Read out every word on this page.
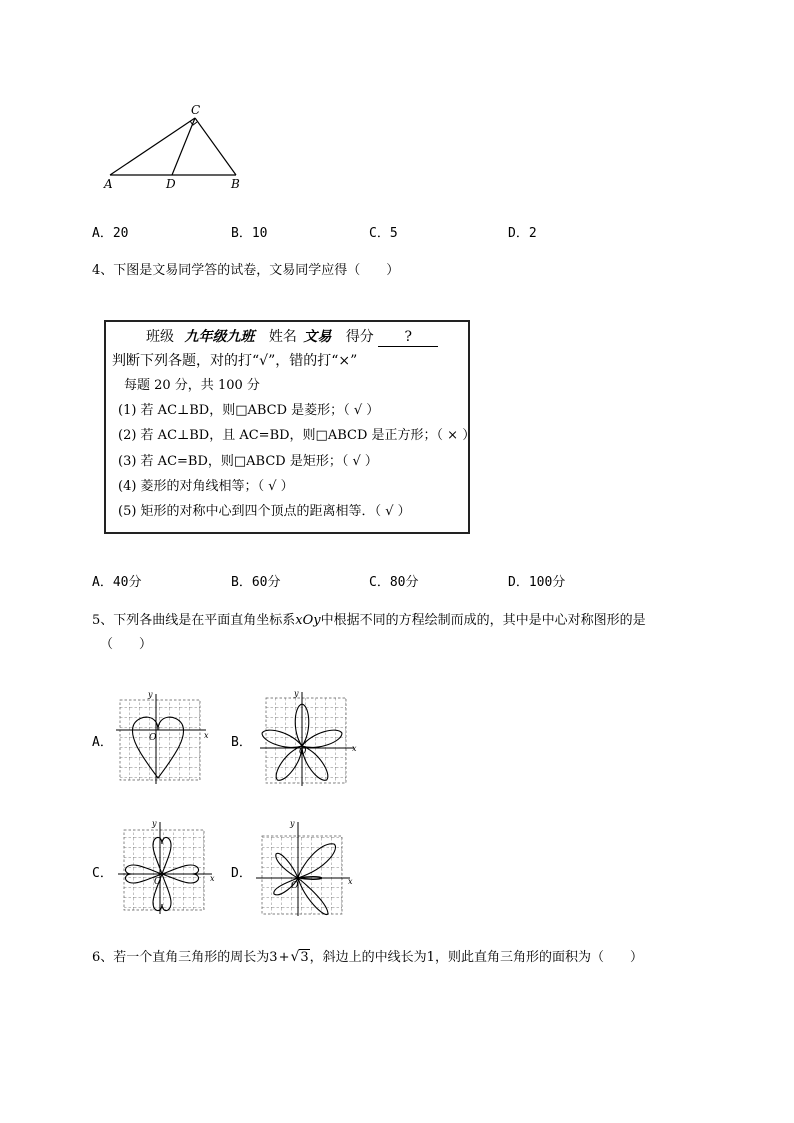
C
A	D	B
A．20	B．10	C．5	D．2
4、下图是文易同学答的试卷，文易同学应得（　　）
班级 九年级九班 姓名 文易 得分 ?
判断下列各题，对的打“√”，错的打“×”
每题 20 分，共 100 分
(1) 若 AC⊥BD，则□ABCD 是菱形；（ √ ）
(2) 若 AC⊥BD，且 AC=BD，则□ABCD 是正方形；（ × ）
(3) 若 AC=BD，则□ABCD 是矩形；（ √ ）
(4) 菱形的对角线相等；（ √ ）
(5) 矩形的对称中心到四个顶点的距离相等．（ √ ）
A．40分	B．60分	C．80分	D．100分
5、下列各曲线是在平面直角坐标系xOy中根据不同的方程绘制而成的，其中是中心对称图形的是
（　　）
A．	x
y
O	B．	x
y
O
C．	x
y
O
D．
x
y
O
6、若一个直角三角形的周长为3+√3，斜边上的中线长为1，则此直角三角形的面积为（　　）
